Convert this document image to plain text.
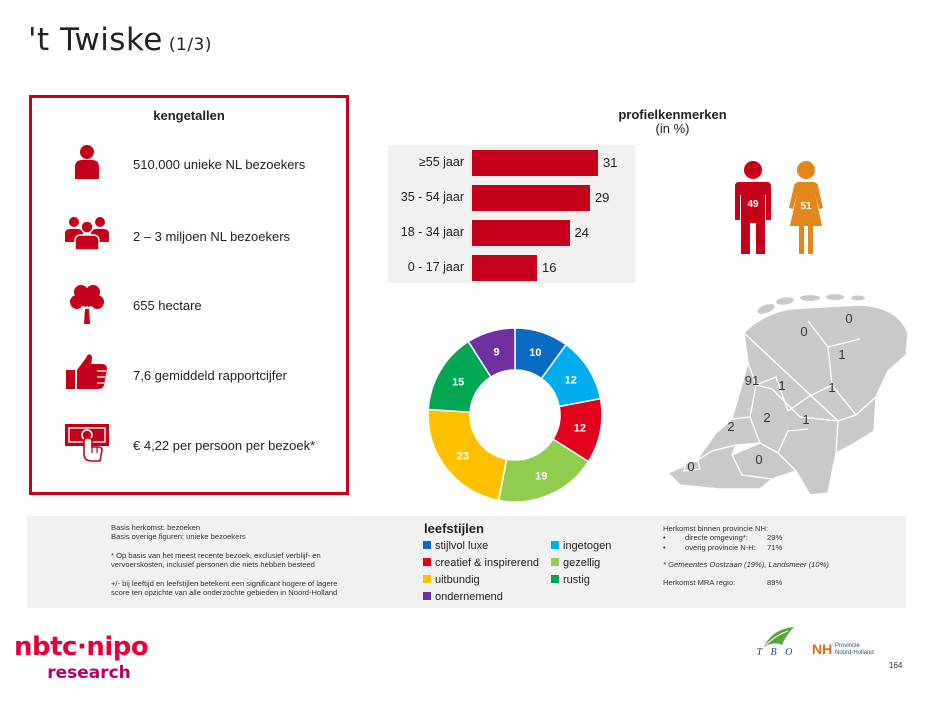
't Twiske (1/3)
kengetallen
510.000 unieke NL bezoekers
2 – 3 miljoen NL bezoekers
655 hectare
7,6 gemiddeld rapportcijfer
€ 4,22 per persoon per bezoek*
profielkenmerken
(in %)
≥55 jaar	31
35 - 54 jaar	29
18 - 34 jaar	24
0 - 17 jaar	16
49	51
10
12
12
19
23
15
9
0
0
1
91 1	1
2 1
2
0
0
Basis herkomst: bezoeken
Basis overige figuren: unieke bezoekers
* Op basis van het meest recente bezoek, exclusief verblijf- en
vervoerskosten, inclusief personen die niets hebben besteed
+/- bij leeftijd en leefstijlen betekent een significant hogere of lagere
score ten opzichte van alle onderzochte gebieden in Noord-Holland
leefstijlen
stijlvol luxe	ingetogen
creatief & inspirerend	gezellig
uitbundig	rustig
ondernemend
Herkomst binnen provincie NH:
•	directe omgeving*:	29%
•	overig provincie N-H: 71%
* Gemeentes Oostzaan (19%), Landsmeer (10%)
Herkomst MRA regio:	89%
nbtc·nipo
research
T B O NH Provincie
Noord-Holland
164
